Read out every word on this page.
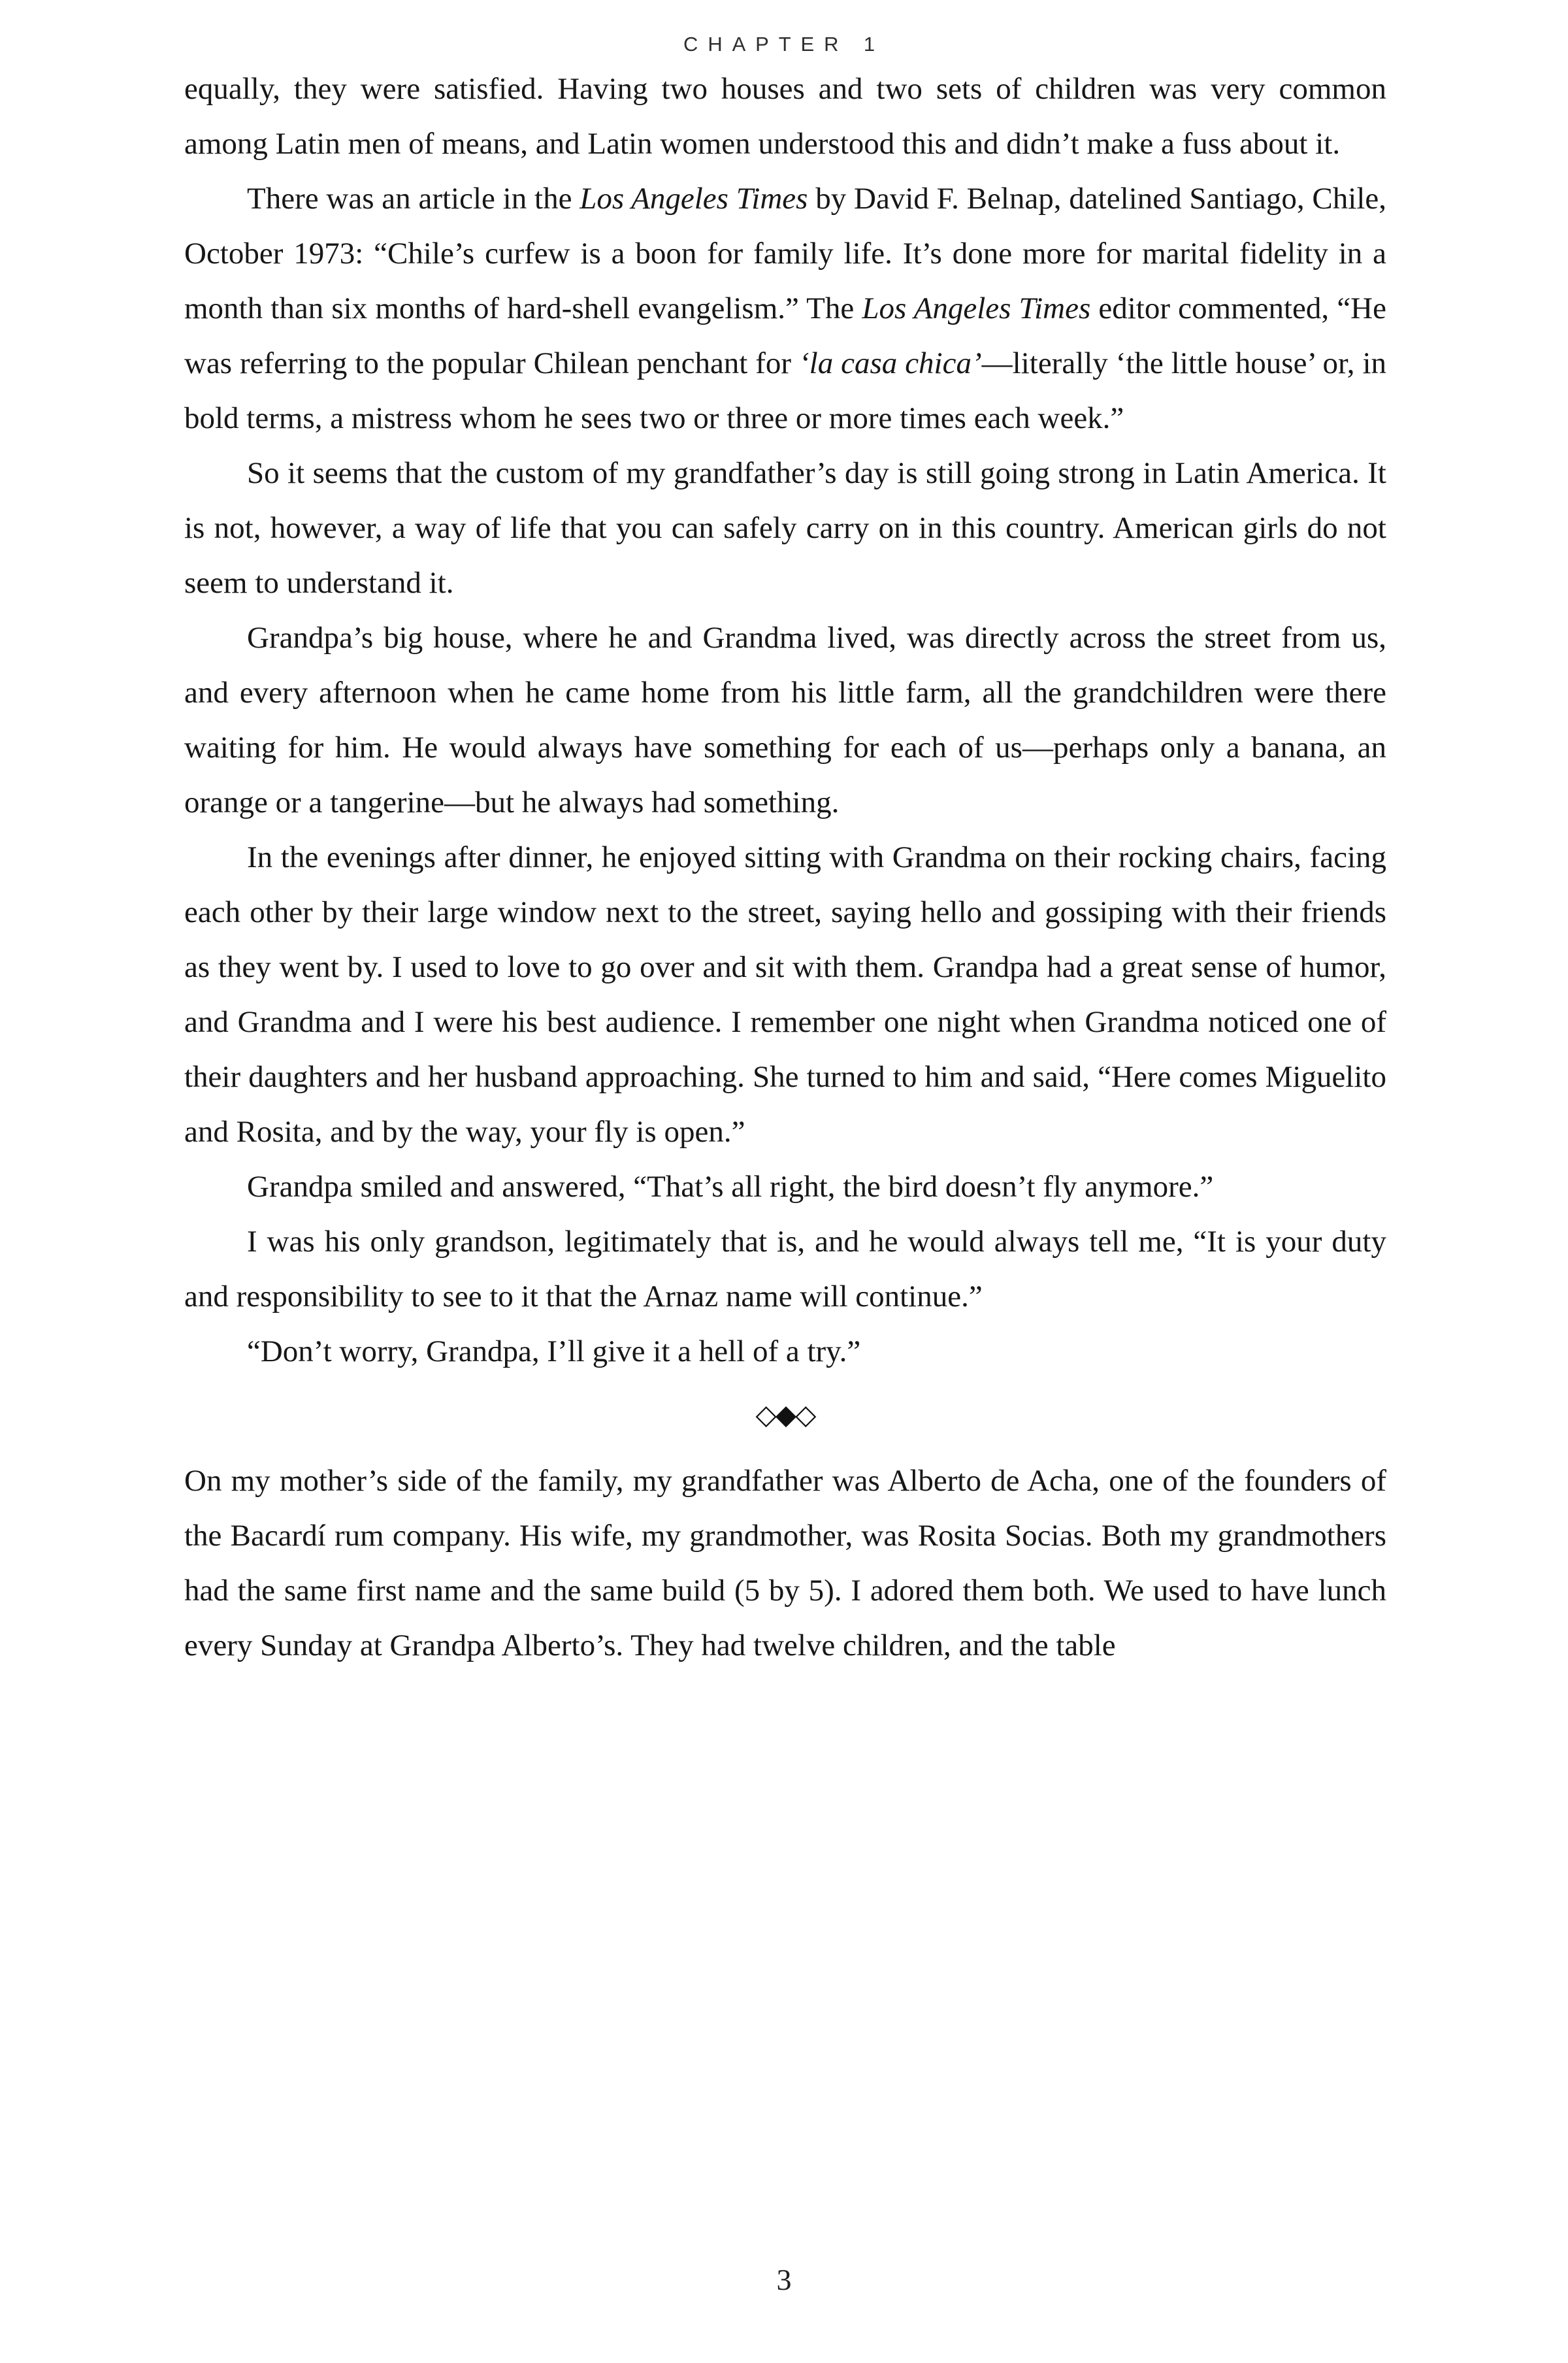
CHAPTER 1

equally, they were satisfied. Having two houses and two sets of children was very common among Latin men of means, and Latin women understood this and didn’t make a fuss about it.

There was an article in the Los Angeles Times by David F. Belnap, datelined Santiago, Chile, October 1973: “Chile’s curfew is a boon for family life. It’s done more for marital fidelity in a month than six months of hard-shell evangelism.” The Los Angeles Times editor commented, “He was referring to the popular Chilean penchant for ‘la casa chica’—literally ‘the little house’ or, in bold terms, a mistress whom he sees two or three or more times each week.”

So it seems that the custom of my grandfather’s day is still going strong in Latin America. It is not, however, a way of life that you can safely carry on in this country. American girls do not seem to understand it.

Grandpa’s big house, where he and Grandma lived, was directly across the street from us, and every afternoon when he came home from his little farm, all the grandchildren were there waiting for him. He would always have something for each of us—perhaps only a banana, an orange or a tangerine—but he always had something.

In the evenings after dinner, he enjoyed sitting with Grandma on their rocking chairs, facing each other by their large window next to the street, saying hello and gossiping with their friends as they went by. I used to love to go over and sit with them. Grandpa had a great sense of humor, and Grandma and I were his best audience. I remember one night when Grandma noticed one of their daughters and her husband approaching. She turned to him and said, “Here comes Miguelito and Rosita, and by the way, your fly is open.”

Grandpa smiled and answered, “That’s all right, the bird doesn’t fly anymore.”

I was his only grandson, legitimately that is, and he would always tell me, “It is your duty and responsibility to see to it that the Arnaz name will continue.”

“Don’t worry, Grandpa, I’ll give it a hell of a try.”

◇◆◇

On my mother’s side of the family, my grandfather was Alberto de Acha, one of the founders of the Bacardí rum company. His wife, my grandmother, was Rosita Socias. Both my grandmothers had the same first name and the same build (5 by 5). I adored them both. We used to have lunch every Sunday at Grandpa Alberto’s. They had twelve children, and the table

3
